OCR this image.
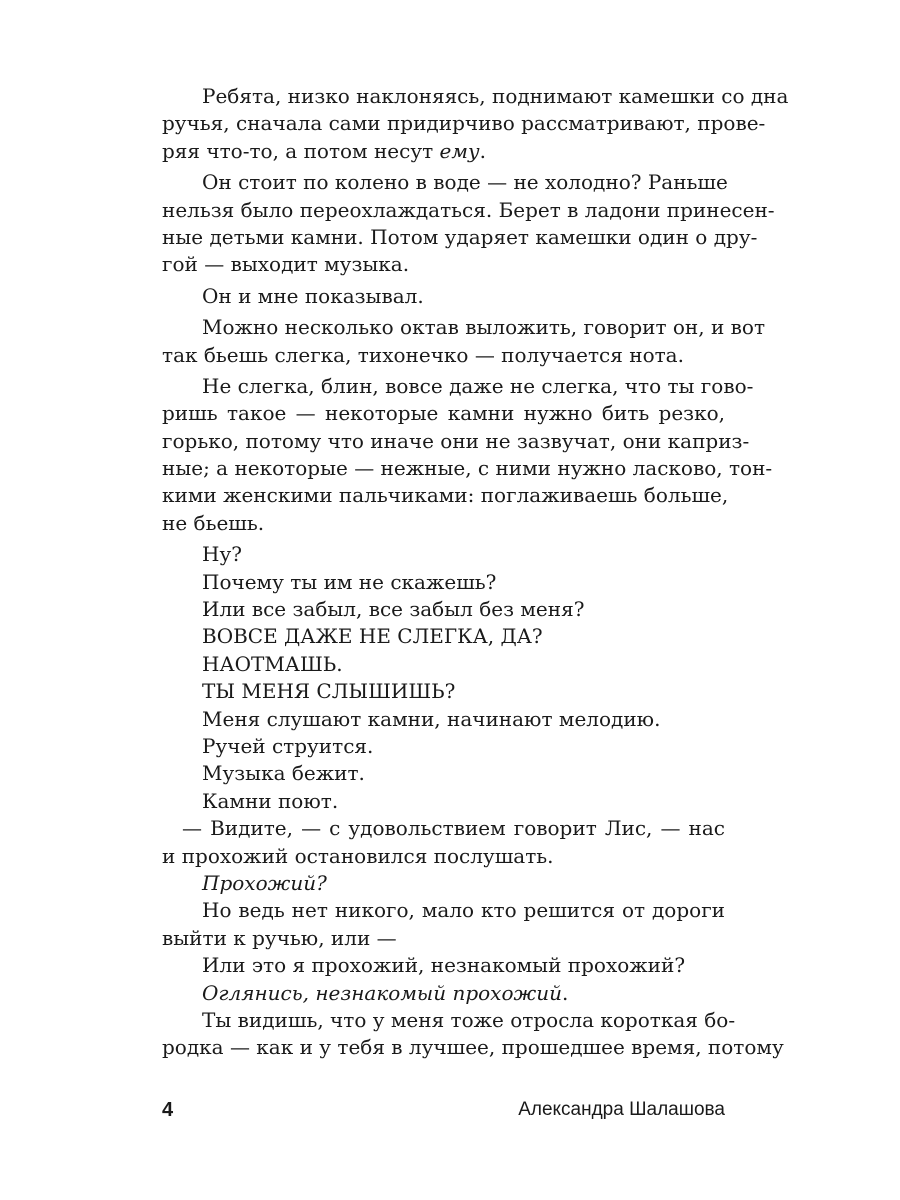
Ребята, низко наклоняясь, поднимают камешки со дна
ручья, сначала сами придирчиво рассматривают, прове-
ряя что-то, а потом несут ему.
Он стоит по колено в воде — не холодно? Раньше
нельзя было переохлаждаться. Берет в ладони принесен-
ные детьми камни. Потом ударяет камешки один о дру-
гой — выходит музыка.
Он и мне показывал.
Можно несколько октав выложить, говорит он, и вот
так бьешь слегка, тихонечко — получается нота.
Не слегка, блин, вовсе даже не слегка, что ты гово-
ришь такое — некоторые камни нужно бить резко,
горько, потому что иначе они не зазвучат, они каприз-
ные; а некоторые — нежные, с ними нужно ласково, тон-
кими женскими пальчиками: поглаживаешь больше,
не бьешь.
Ну?
Почему ты им не скажешь?
Или все забыл, все забыл без меня?
ВОВСЕ ДАЖЕ НЕ СЛЕГКА, ДА?
НАОТМАШЬ.
ТЫ МЕНЯ СЛЫШИШЬ?
Меня слушают камни, начинают мелодию.
Ручей струится.
Музыка бежит.
Камни поют.
— Видите, — с удовольствием говорит Лис, — нас
и прохожий остановился послушать.
Прохожий?
Но ведь нет никого, мало кто решится от дороги
выйти к ручью, или —
Или это я прохожий, незнакомый прохожий?
Оглянись, незнакомый прохожий.
Ты видишь, что у меня тоже отросла короткая бо-
родка — как и у тебя в лучшее, прошедшее время, потому
4	Александра Шалашова
